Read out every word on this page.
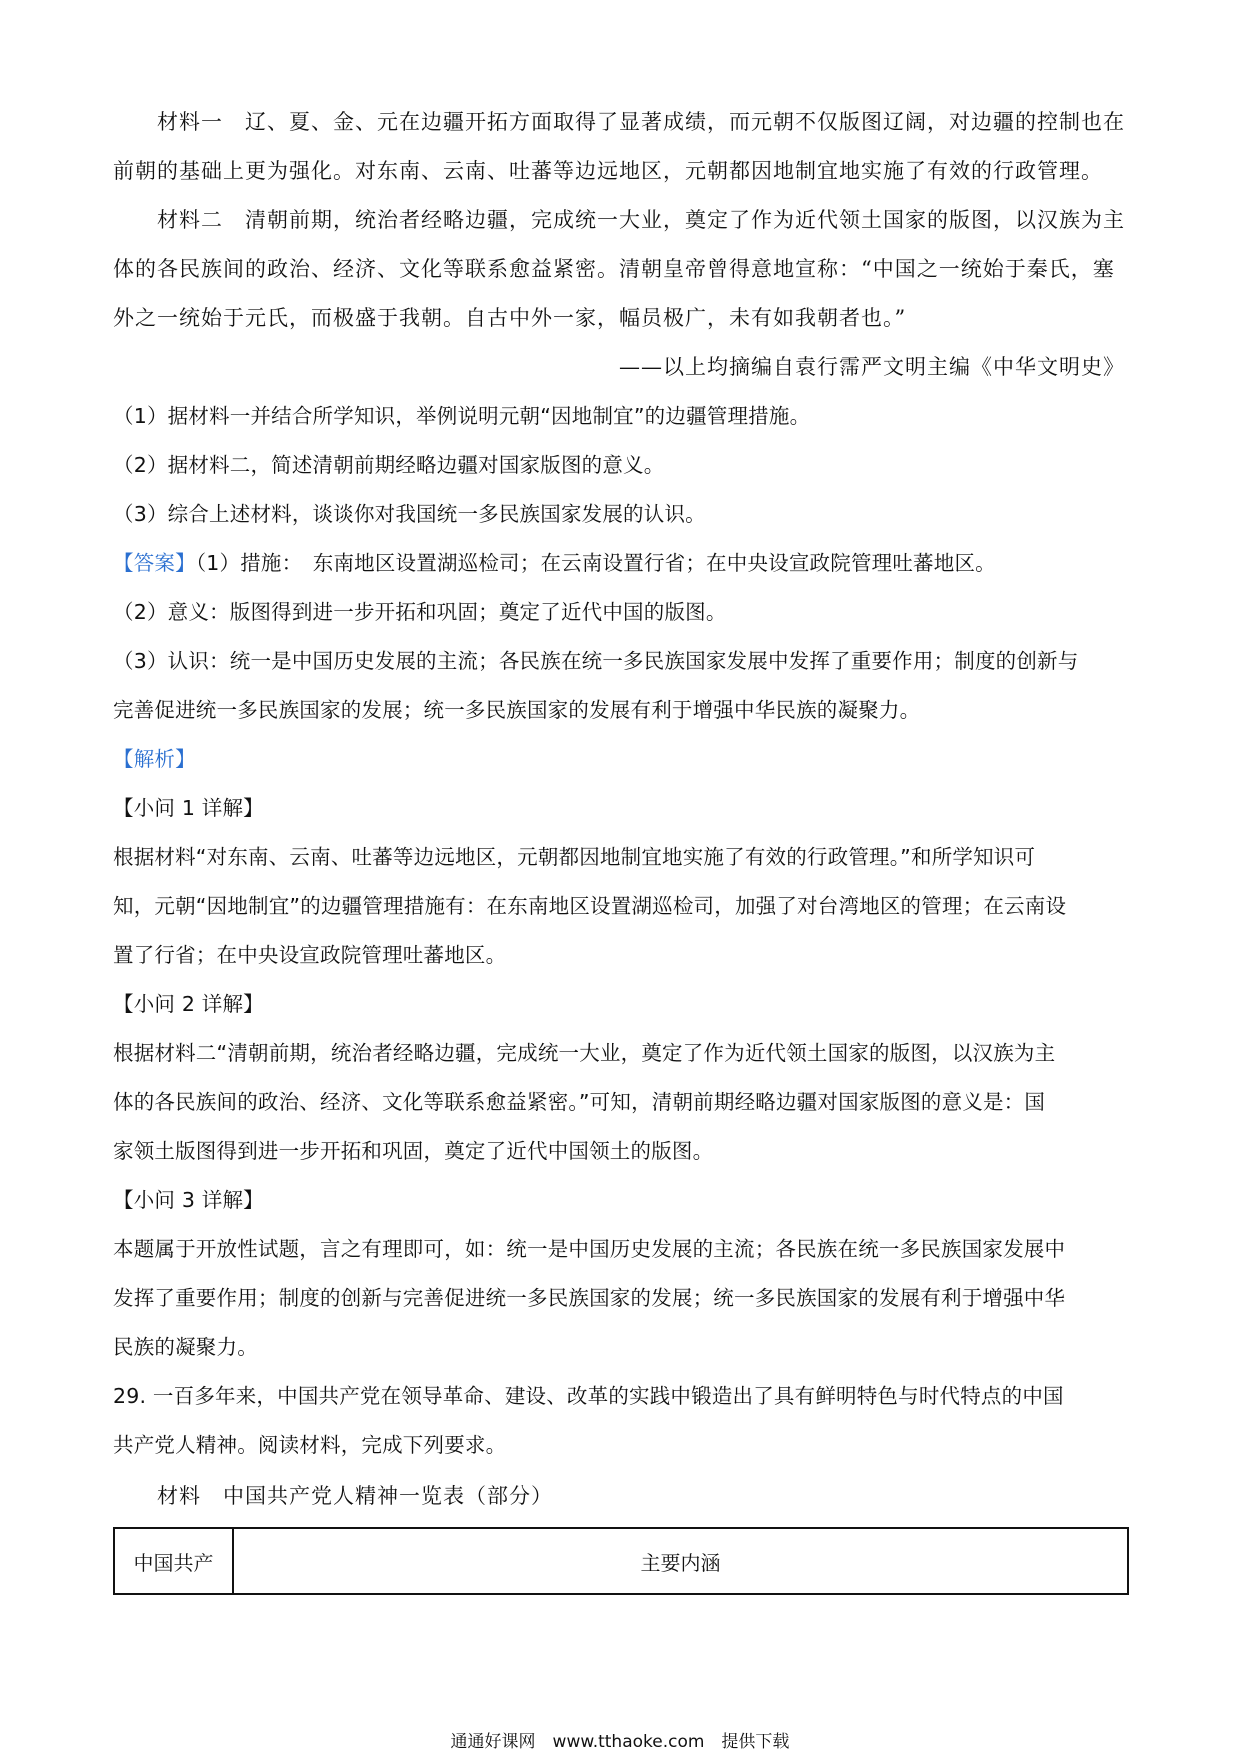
材料一　辽、夏、金、元在边疆开拓方面取得了显著成绩，而元朝不仅版图辽阔，对边疆的控制也在

前朝的基础上更为强化。对东南、云南、吐蕃等边远地区，元朝都因地制宜地实施了有效的行政管理。

材料二　清朝前期，统治者经略边疆，完成统一大业，奠定了作为近代领土国家的版图，以汉族为主

体的各民族间的政治、经济、文化等联系愈益紧密。清朝皇帝曾得意地宣称：“中国之一统始于秦氏，塞

外之一统始于元氏，而极盛于我朝。自古中外一家，幅员极广，未有如我朝者也。”

——以上均摘编自袁行霈严文明主编《中华文明史》

（1）据材料一并结合所学知识，举例说明元朝“因地制宜”的边疆管理措施。

（2）据材料二，简述清朝前期经略边疆对国家版图的意义。

（3）综合上述材料，谈谈你对我国统一多民族国家发展的认识。

【答案】（1）措施：　东南地区设置湖巡检司；在云南设置行省；在中央设宣政院管理吐蕃地区。

（2）意义：版图得到进一步开拓和巩固；奠定了近代中国的版图。

（3）认识：统一是中国历史发展的主流；各民族在统一多民族国家发展中发挥了重要作用；制度的创新与

完善促进统一多民族国家的发展；统一多民族国家的发展有利于增强中华民族的凝聚力。

【解析】

【小问 1 详解】

根据材料“对东南、云南、吐蕃等边远地区，元朝都因地制宜地实施了有效的行政管理。”和所学知识可

知，元朝“因地制宜”的边疆管理措施有：在东南地区设置湖巡检司，加强了对台湾地区的管理；在云南设

置了行省；在中央设宣政院管理吐蕃地区。

【小问 2 详解】

根据材料二“清朝前期，统治者经略边疆，完成统一大业，奠定了作为近代领土国家的版图，以汉族为主

体的各民族间的政治、经济、文化等联系愈益紧密。”可知，清朝前期经略边疆对国家版图的意义是：国

家领土版图得到进一步开拓和巩固，奠定了近代中国领土的版图。

【小问 3 详解】

本题属于开放性试题，言之有理即可，如：统一是中国历史发展的主流；各民族在统一多民族国家发展中

发挥了重要作用；制度的创新与完善促进统一多民族国家的发展；统一多民族国家的发展有利于增强中华

民族的凝聚力。

29. 一百多年来，中国共产党在领导革命、建设、改革的实践中锻造出了具有鲜明特色与时代特点的中国

共产党人精神。阅读材料，完成下列要求。

材料　中国共产党人精神一览表（部分）

中国共产	主要内涵
通通好课网　www.tthaoke.com　提供下载
